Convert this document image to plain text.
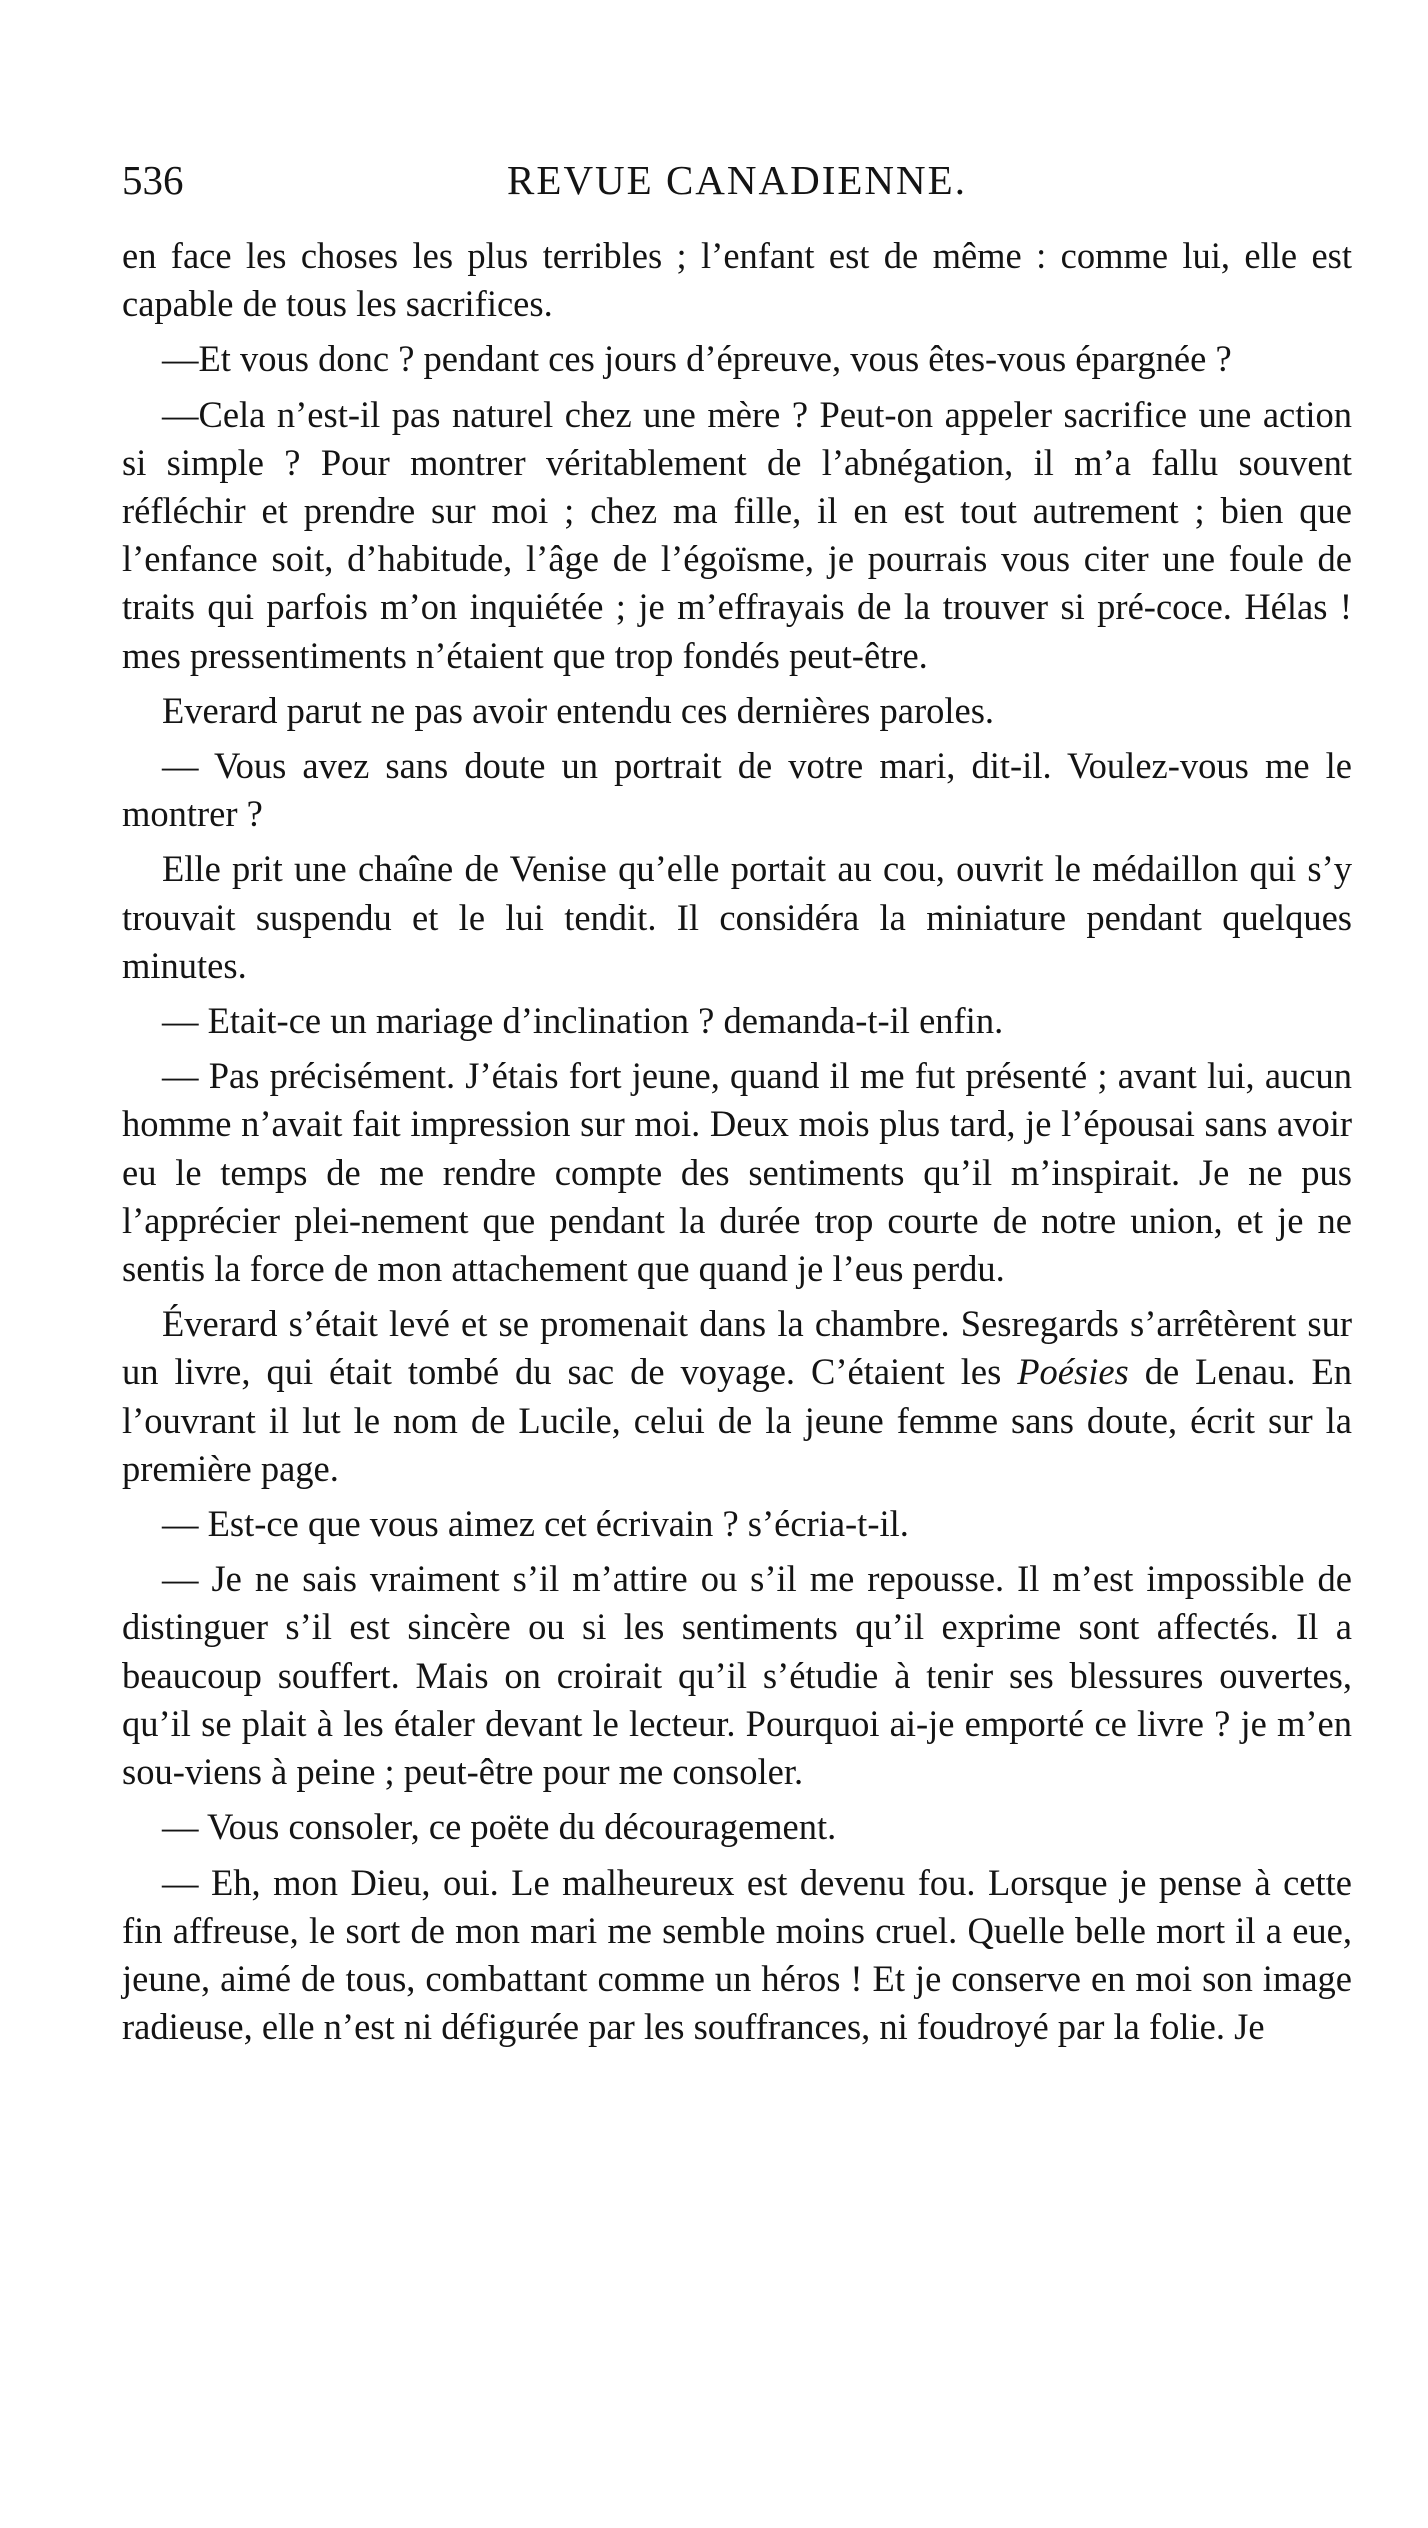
536	REVUE CANADIENNE.

en face les choses les plus terribles ; l’enfant est de même : comme lui, elle est capable de tous les sacrifices.

—Et vous donc ? pendant ces jours d’épreuve, vous êtes-vous épargnée ?

—Cela n’est-il pas naturel chez une mère ? Peut-on appeler sacrifice une action si simple ? Pour montrer véritablement de l’abnégation, il m’a fallu souvent réfléchir et prendre sur moi ; chez ma fille, il en est tout autrement ; bien que l’enfance soit, d’habitude, l’âge de l’égoïsme, je pourrais vous citer une foule de traits qui parfois m’on inquiétée ; je m’effrayais de la trouver si pré-coce. Hélas ! mes pressentiments n’étaient que trop fondés peut-être.

Everard parut ne pas avoir entendu ces dernières paroles.

— Vous avez sans doute un portrait de votre mari, dit-il. Voulez-vous me le montrer ?

Elle prit une chaîne de Venise qu’elle portait au cou, ouvrit le médaillon qui s’y trouvait suspendu et le lui tendit. Il considéra la miniature pendant quelques minutes.

— Etait-ce un mariage d’inclination ? demanda-t-il enfin.

— Pas précisément. J’étais fort jeune, quand il me fut présenté ; avant lui, aucun homme n’avait fait impression sur moi. Deux mois plus tard, je l’épousai sans avoir eu le temps de me rendre compte des sentiments qu’il m’inspirait. Je ne pus l’apprécier plei-nement que pendant la durée trop courte de notre union, et je ne sentis la force de mon attachement que quand je l’eus perdu.

Éverard s’était levé et se promenait dans la chambre. Sesregards s’arrêtèrent sur un livre, qui était tombé du sac de voyage. C’étaient les Poésies de Lenau. En l’ouvrant il lut le nom de Lucile, celui de la jeune femme sans doute, écrit sur la première page.

— Est-ce que vous aimez cet écrivain ? s’écria-t-il.

— Je ne sais vraiment s’il m’attire ou s’il me repousse. Il m’est impossible de distinguer s’il est sincère ou si les sentiments qu’il exprime sont affectés. Il a beaucoup souffert. Mais on croirait qu’il s’étudie à tenir ses blessures ouvertes, qu’il se plait à les étaler devant le lecteur. Pourquoi ai-je emporté ce livre ? je m’en sou-viens à peine ; peut-être pour me consoler.

— Vous consoler, ce poëte du découragement.

— Eh, mon Dieu, oui. Le malheureux est devenu fou. Lorsque je pense à cette fin affreuse, le sort de mon mari me semble moins cruel. Quelle belle mort il a eue, jeune, aimé de tous, combattant comme un héros ! Et je conserve en moi son image radieuse, elle n’est ni défigurée par les souffrances, ni foudroyé par la folie. Je
